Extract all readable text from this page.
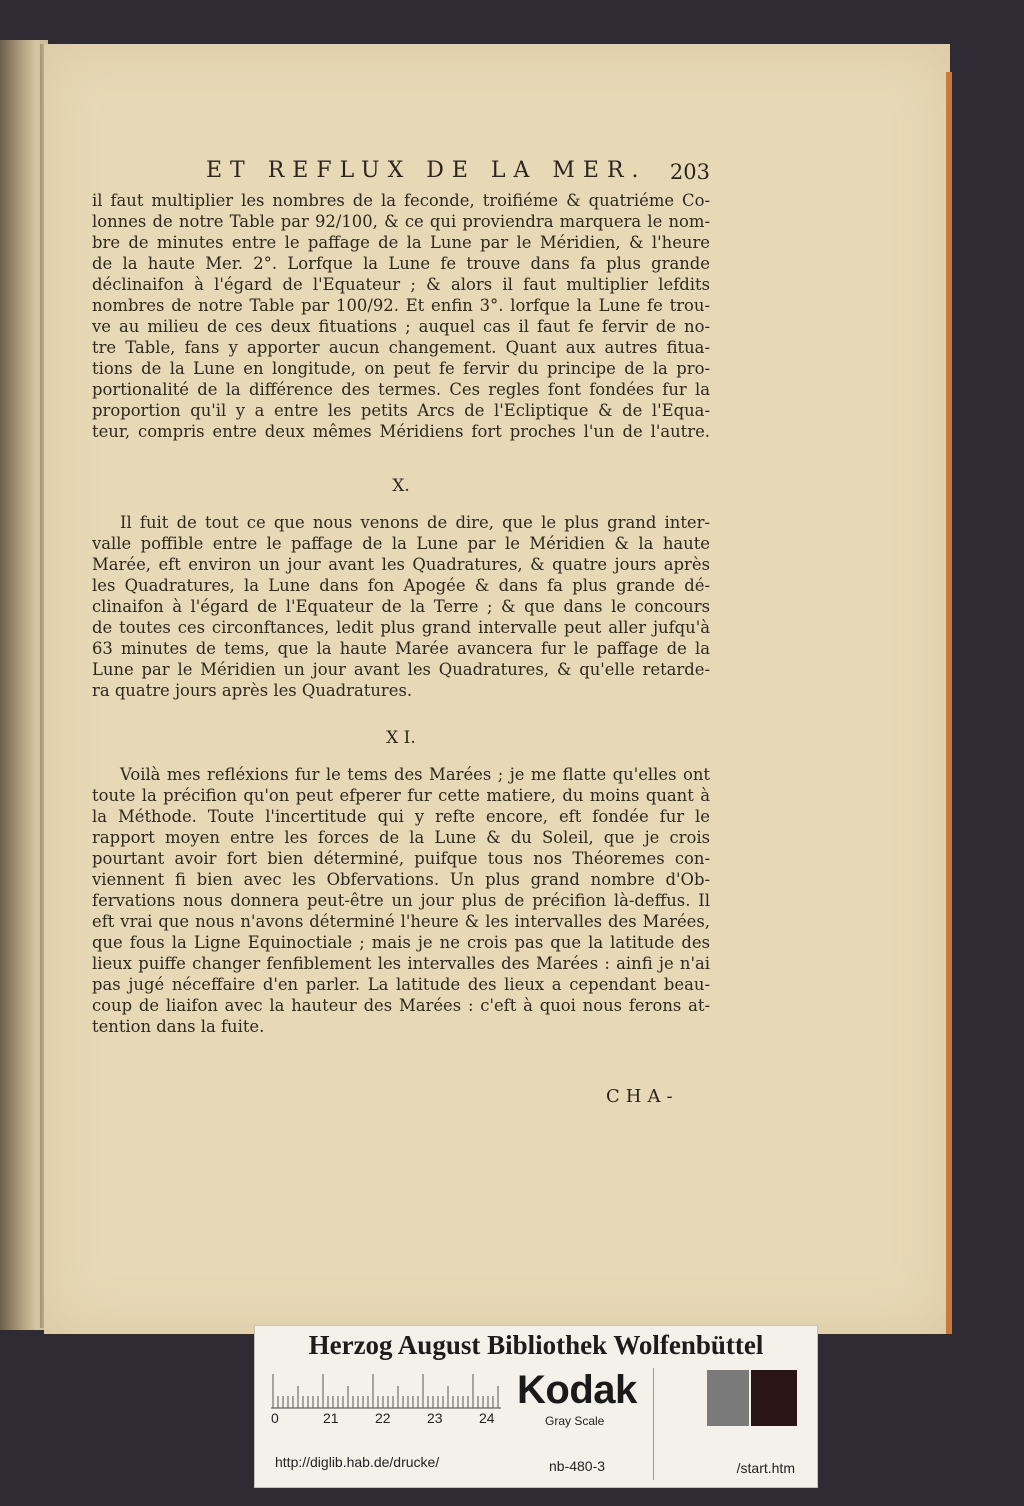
ET REFLUX DE LA MER. 203

il faut multiplier les nombres de la feconde, troifiéme & quatriéme Co-

lonnes de notre Table par 92/100, & ce qui proviendra marquera le nom-

bre de minutes entre le paffage de la Lune par le Méridien, & l'heure

de la haute Mer. 2°. Lorfque la Lune fe trouve dans fa plus grande

déclinaifon à l'égard de l'Equateur ; & alors il faut multiplier lefdits

nombres de notre Table par 100/92. Et enfin 3°. lorfque la Lune fe trou-

ve au milieu de ces deux fituations ; auquel cas il faut fe fervir de no-

tre Table, fans y apporter aucun changement. Quant aux autres fitua-

tions de la Lune en longitude, on peut fe fervir du principe de la pro-

portionalité de la différence des termes. Ces regles font fondées fur la

proportion qu'il y a entre les petits Arcs de l'Ecliptique & de l'Equa-

teur, compris entre deux mêmes Méridiens fort proches l'un de l'autre.

X.

Il fuit de tout ce que nous venons de dire, que le plus grand inter-

valle poffible entre le paffage de la Lune par le Méridien & la haute

Marée, eft environ un jour avant les Quadratures, & quatre jours après

les Quadratures, la Lune dans fon Apogée & dans fa plus grande dé-

clinaifon à l'égard de l'Equateur de la Terre ; & que dans le concours

de toutes ces circonftances, ledit plus grand intervalle peut aller jufqu'à

63 minutes de tems, que la haute Marée avancera fur le paffage de la

Lune par le Méridien un jour avant les Quadratures, & qu'elle retarde-

ra quatre jours après les Quadratures.

X I.

Voilà mes refléxions fur le tems des Marées ; je me flatte qu'elles ont

toute la précifion qu'on peut efperer fur cette matiere, du moins quant à

la Méthode. Toute l'incertitude qui y refte encore, eft fondée fur le

rapport moyen entre les forces de la Lune & du Soleil, que je crois

pourtant avoir fort bien déterminé, puifque tous nos Théoremes con-

viennent fi bien avec les Obfervations. Un plus grand nombre d'Ob-

fervations nous donnera peut-être un jour plus de précifion là-deffus. Il

eft vrai que nous n'avons déterminé l'heure & les intervalles des Marées,

que fous la Ligne Equinoctiale ; mais je ne crois pas que la latitude des

lieux puiffe changer fenfiblement les intervalles des Marées : ainfi je n'ai

pas jugé néceffaire d'en parler. La latitude des lieux a cependant beau-

coup de liaifon avec la hauteur des Marées : c'eft à quoi nous ferons at-

tention dans la fuite.

CHA-

Herzog August Bibliothek Wolfenbüttel

0	21	22	23	24
Kodak
Gray Scale
http://diglib.hab.de/drucke/	nb-480-3	/start.htm
